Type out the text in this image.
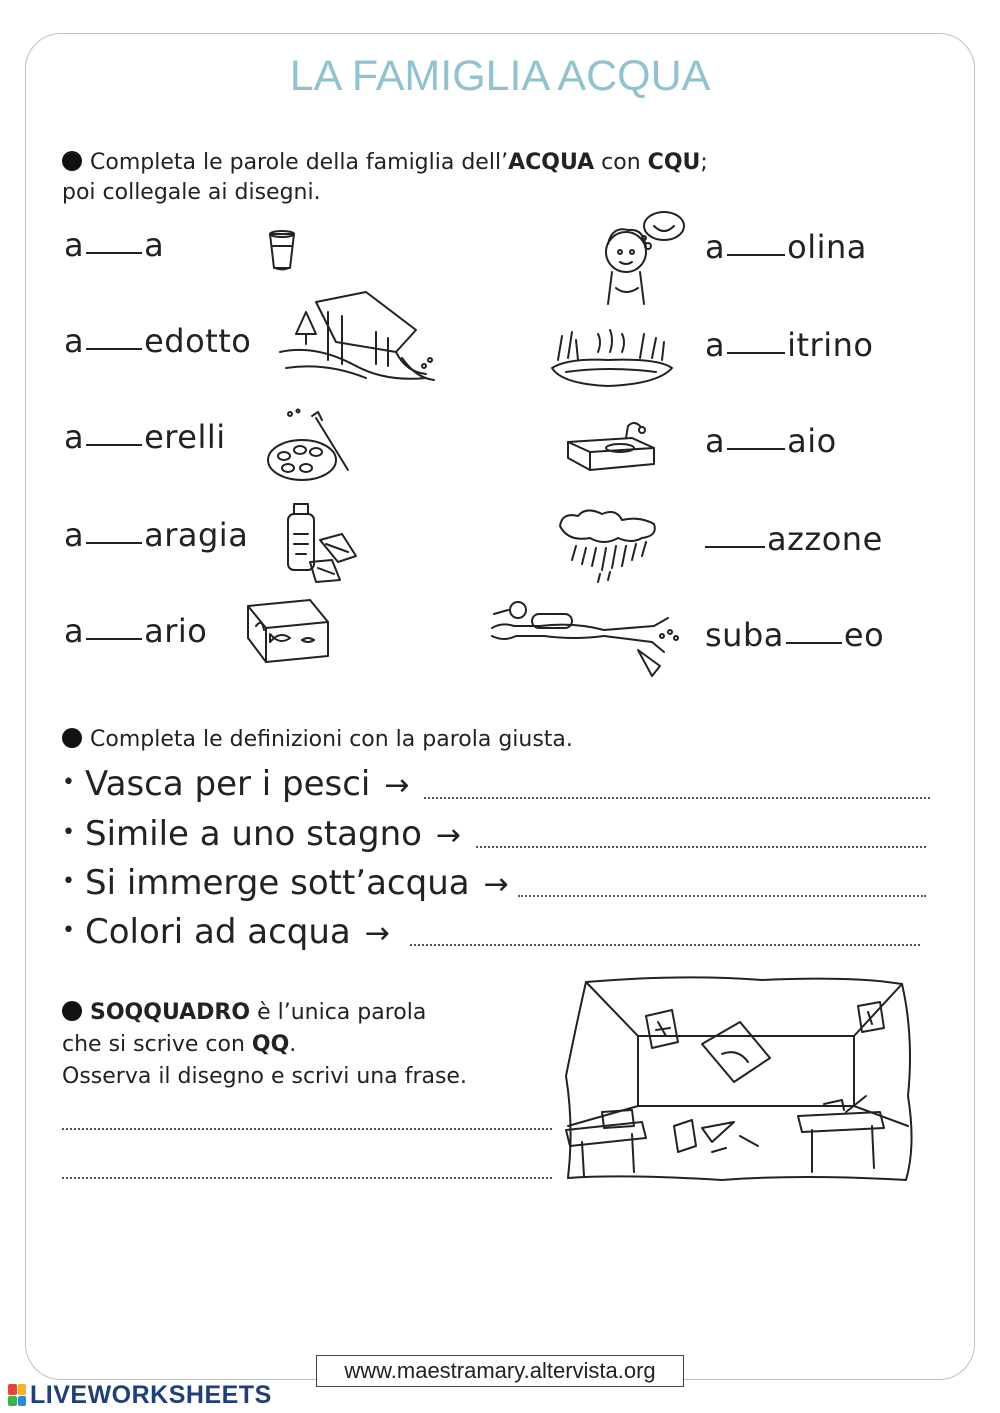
LA FAMIGLIA ACQUA
Completa le parole della famiglia dell’ACQUA con CQU;
poi collegale ai disegni.
a a
a edotto
a erelli
a aragia
a ario
a olina
a itrino
a aio
azzone
suba eo
Completa le definizioni con la parola giusta.
• Vasca per i pesci →
• Simile a uno stagno →
• Si immerge sott’acqua →
• Colori ad acqua →
SOQQUADRO è l’unica parola
che si scrive con QQ.
Osserva il disegno e scrivi una frase.
www.maestramary.altervista.org
LIVEWORKSHEETS
